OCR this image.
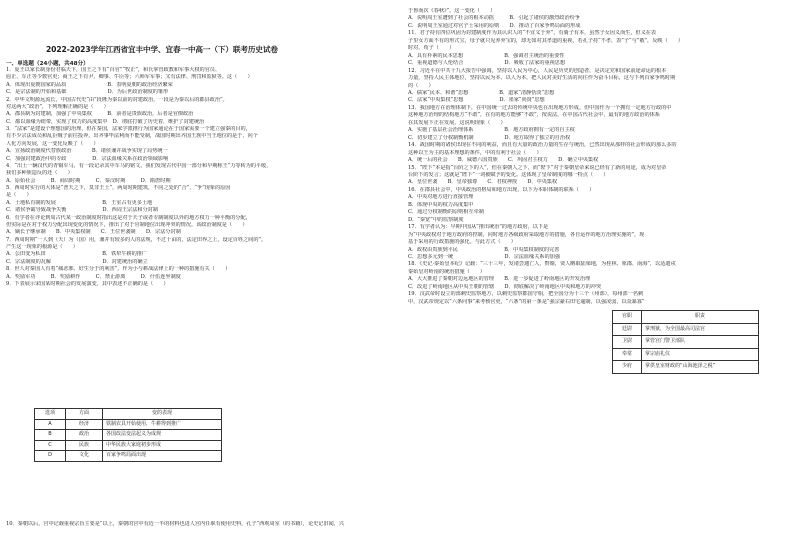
2022-2023学年江西省宜丰中学、宜春一中高一（下）联考历史试卷
一、单选题（24小题，共48分）
1．夏王以家长制身份君临天下，国王之下有“百官”“牧正”，和氏掌管政教和军事大权的官员、
庖正、车正等少数官吏；商王之下有尹、卿事、牛臣等；六师军军事；又有法律、刑罚和监狱等。这（　　）
A．体现出夏朝国家的品质　　　　　　　　B．表明夏朝的政治经济繁荣
C．是宗法制的开始和基础　　　　　　　　D．为后世政治制度的雏形
2．中华文明源远流长，中国古代史“由”段隆为秦以前的封建政治，一段是为秦以后的郡县政治”。
对这两大“政治”，下列理解正确的是（　　）
A．郡县制为封建制，加强了中央集权　　　B．前者是贵族政治，后者是官僚政治
C．都以血缘为纽带，实现了权力的高度集中　D．彻底打破了历史着，维护了封建统治
3．“法家”是建设个理想国的治理，但在秦国，法家学派推行为国家通论在于国家需要一个建立强秦的目的，
有不少宗法成员和乱臣贼子前往投奔，出齐事毕法利而不能受制，战国时期出齐国王族中当王地位的是于，向个
人化方向发展，这一变化反映了（　　）
A．宣扬政治制度代替族政治　　　　B．诸侯兼并战争实现了局势统一
C．加强封建政治中的专政　　　　　D．宗法血缘关系在政治领域影响
4．“出土一辆汉代的青铜车马，有一段记录其中车马的铭文，我们发现古代中国一部分和早期称王”力等转为的平缓，
我们多种族造反的还（　　）
A．原始社会　　　B．商周时期　　　C．秦汉时期　　　D．隋唐时期
5．西周时实行的大体是“普天之下，莫非王土”，两周时期建筑，不同之处的“合”、“争”现象的原因
是（　　）
A．土地私有制的发展　　　　　　　　　B．王室占有更多土地
C．诸侯争霸导致战争失衡　　　　　　　D．西周王宗法和分封制
6．有学者在评论到周古代某一政治制度时指出这是对于天子或者专制制度以外的地方权力一种平衡的分配，
但实际是在对于权力分配出现变化的情况下，推出了对于官制地位出现冲突的情况。该政治制度是（　　）
A．嫡长子继承制　　B．中央集权制　　C．王位世袭制　　D．宗法分封制
7．西周时期“一人到（天）为（国）用，兼并有较多的人的法规，不过十亩的，法定田界之上，设定百姓之间的”。
产生这一现象的根源是（　　）
A．公田变为私田　　　　　　　　　　　B．铁犁牛耕的推广
C．宗法制度的瓦解　　　　　　　　　　D．封建统治的确立
8．世人对秦国人有着“痛恶邪、好生分于的利害”，作为小与耕战法律上的一种的措施有关（　　）
A．奖励军功　　　B．奖励耕作　　　C．禁止游离　　　D．什伍连坐制度
9．下表展示宋国某时期社会的发展演变，其中表述不正确的是（　　）
选项	方面	变的表现
A	经济	铁制农具开始使用，牛耕得到推广
B	政治	各国改法变法起义为成规
C	民族	中华民族大家庭初步形成
D	文化	百家争鸣局面出现
10．秦朝以后，宫中记载重视宗旨主要是“以上，秦朝的宫中有近一半的材料也进人宫内任职有使用史料，孔子“西观周室（的书籍），论史记旧闻，兴
于鲁而次《春秋》”。这一变化（　　）
A．说明周王室遭到了社会的根本动摇　　　B．引起了诸侯的激烈政治纷争
C．说明周王室通过对官子士采用的原则　　D．推动了百家争鸣局面的形成
11．君子持有四位巩固为封建制度作为其认识人的“不宜义于弃”，有骑子有本，虽然子女因义而生，但义在表
子里女方面不有的形式宝，母子就只见养弃宝的，却无如对其孝道的重视，若孔子持“不孝，表”子“与”敬”，反映（　　）
时对，荀子（　　）
A．具有朴素的民本思想　　　　　　　　B．强调君主统治的重要性
C．重视道德与人伦结合　　　　　　　　D．吸收了法家的重视思想
12．习近平在中共十九大报告中强调，坚持以人民为中心，人民是历史的创造者，是决定党和国家前途命运的根本
力量，坚持人民主体地位，坚持以民为本、以人为本，把人民对美好生活的向往作为奋斗目标，这与下列百家争鸣时期
的（　　）
A．儒家“民本、和谐”思想　　　　　　B．道家“清静恬淡”思想
C．法家“中央集权”思想　　　　　　　D．墨家“尚贤”思想
13．我国地方在治理体制下，在中国统一过去的传统中央也在出现地方形成。但中国作为一个拥有一定地方行政的中
这种地方治理的结构地方“不敢”，在有的地方能够“不敢”，按说法，在中国古代社会中，最有的地方政治的体系
在其发展下正在发展，这说明现象（　　）
A．实施了基层社会治理体系　　　　　　B．地方政府拥有一定的自主权
C．切步建立了分权制衡机制　　　　　　D．地方取得了独立的自治权
14．战国时期的诸侯出现在不同的利益，而且有大量的政治力量的生存与统治，已然出现从那样的社会形成的那么多的
这种以王为主的基本理想的条件，中的有利于社会（　　）
A．统一后的社会　　B．威德六国贵族　　C．巩固君主权力　　D．确立中央集权
15．“陛下”本是指“台阶之下的人”，但在秦朝人之下，而“陛下”对于秦朝皇帝来说已经有了新的用途，成为对皇帝
台阶下的发言；这就是“陛下”一词被赋予的变化。这体现了皇帝制度的哪一特点（　　）
A．皇位世袭　　B．皇帝独尊　　C．君权神授　　D．中央集权
16．在郡县社会中，中央政治的格局和地方出现，以下为本职体制的联系（　　）
A．中央对地方进行直接管理
B．体现中央的权力高度集中
C．通过分权制衡的原则相互牵制
D．“秦宽”中的监察制度
17．有学者认为：早期中国从“推出统治”的地方政府，以下是
为“中央政权对于地方政府的控制，同时地方各级政府采取地方的措施，各自运作的地方治理实施的”，现
基于采用的行政措施的强化。与此方式（　　）
A．政权由贵族到平民　　　　　　　　　B．中央集权制度的完善
C．思想多元到一统　　　　　　　　　　D．宗法血缘关系的加强
18．《史记·秦始皇本纪》记载：“三十三年，发诸尝逋亡人，赘婿，贾人略取陆梁地，为桂林、象郡、南海”，以适遣戍
秦始皇对岭南的统治措施（　　）
A．大大推进了秦朝对边远地区的管理　　B．进一步促进了岭南地区的开发治理
C．改进了岭南地区从中央王朝的管辖　　D．彻底解决了岭南地区中央和地方的冲突
19．汉武帝时设立的部刺史监察地方，以刺史监察郡国守相，把全国分为十三个（州部），每州部一名刺
中，汉武帝规定以“六条问事”来考核官吏，“六条”的第一条是“强宗豪右田宅逾制，以强凌弱，以众暴寡”
官职	职责
廷尉	掌刑狱，为全国最高司法官
卫尉	掌管宫门警卫部队
奉常	掌宗庙礼仪
少府	掌供皇室财政的“山海池泽之税”
